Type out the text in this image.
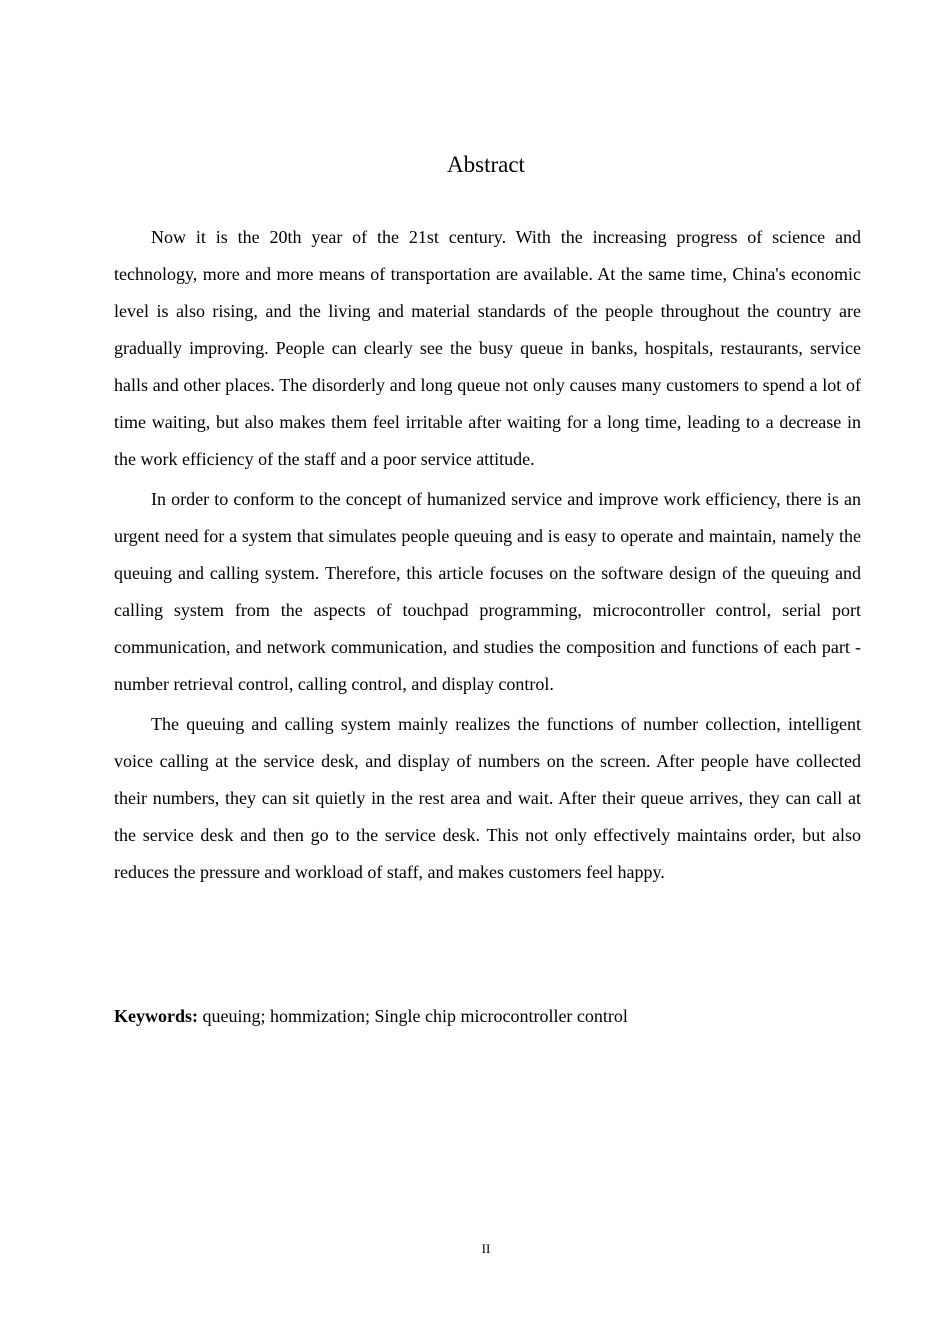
Abstract

Now it is the 20th year of the 21st century. With the increasing progress of science and technology, more and more means of transportation are available. At the same time, China's economic level is also rising, and the living and material standards of the people throughout the country are gradually improving. People can clearly see the busy queue in banks, hospitals, restaurants, service halls and other places. The disorderly and long queue not only causes many customers to spend a lot of time waiting, but also makes them feel irritable after waiting for a long time, leading to a decrease in the work efficiency of the staff and a poor service attitude.

In order to conform to the concept of humanized service and improve work efficiency, there is an urgent need for a system that simulates people queuing and is easy to operate and maintain, namely the queuing and calling system. Therefore, this article focuses on the software design of the queuing and calling system from the aspects of touchpad programming, microcontroller control, serial port communication, and network communication, and studies the composition and functions of each part - number retrieval control, calling control, and display control.

The queuing and calling system mainly realizes the functions of number collection, intelligent voice calling at the service desk, and display of numbers on the screen. After people have collected their numbers, they can sit quietly in the rest area and wait. After their queue arrives, they can call at the service desk and then go to the service desk. This not only effectively maintains order, but also reduces the pressure and workload of staff, and makes customers feel happy.

Keywords: queuing; hommization; Single chip microcontroller control

II
